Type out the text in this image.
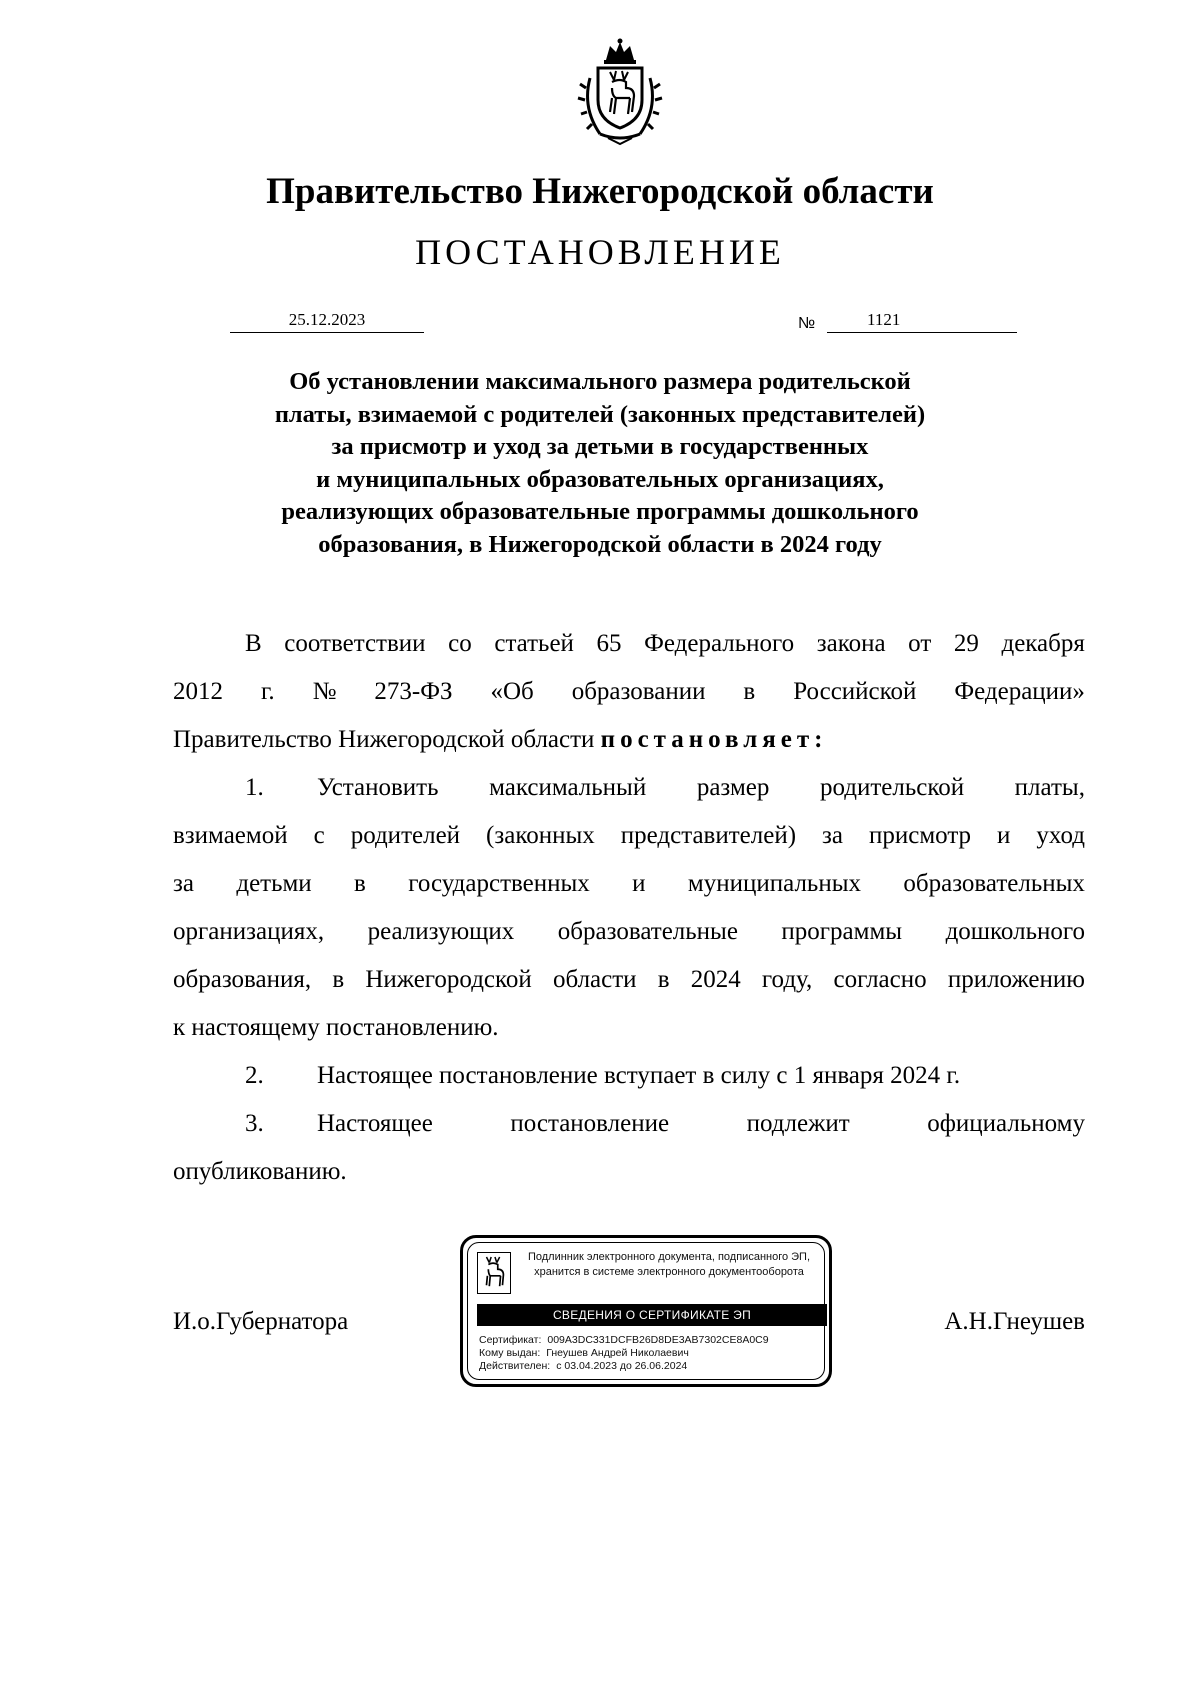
Правительство Нижегородской области
ПОСТАНОВЛЕНИЕ
25.12.2023	№	1121
Об установлении максимального размера родительской
платы, взимаемой с родителей (законных представителей)
за присмотр и уход за детьми в государственных
и муниципальных образовательных организациях,
реализующих образовательные программы дошкольного
образования, в Нижегородской области в 2024 году
В соответствии со статьей 65 Федерального закона от 29 декабря
2012 г. № 273-ФЗ «Об образовании в Российской Федерации»
Правительство Нижегородской области постановляет:
1.	Установить максимальный размер родительской платы,
взимаемой с родителей (законных представителей) за присмотр и уход
за детьми в государственных и муниципальных образовательных
организациях, реализующих образовательные программы дошкольного
образования, в Нижегородской области в 2024 году, согласно приложению
к настоящему постановлению.
2. Настоящее постановление вступает в силу с 1 января 2024 г.
3.	Настоящее	постановление	подлежит	официальному
опубликованию.
И.о.Губернатора	А.Н.Гнеушев
Подлинник электронного документа, подписанного ЭП,
хранится в системе электронного документооборота
СВЕДЕНИЯ О СЕРТИФИКАТЕ ЭП
Сертификат: 009A3DC331DCFB26D8DE3AB7302CE8A0C9
Кому выдан: Гнеушев Андрей Николаевич
Действителен: с 03.04.2023 до 26.06.2024
